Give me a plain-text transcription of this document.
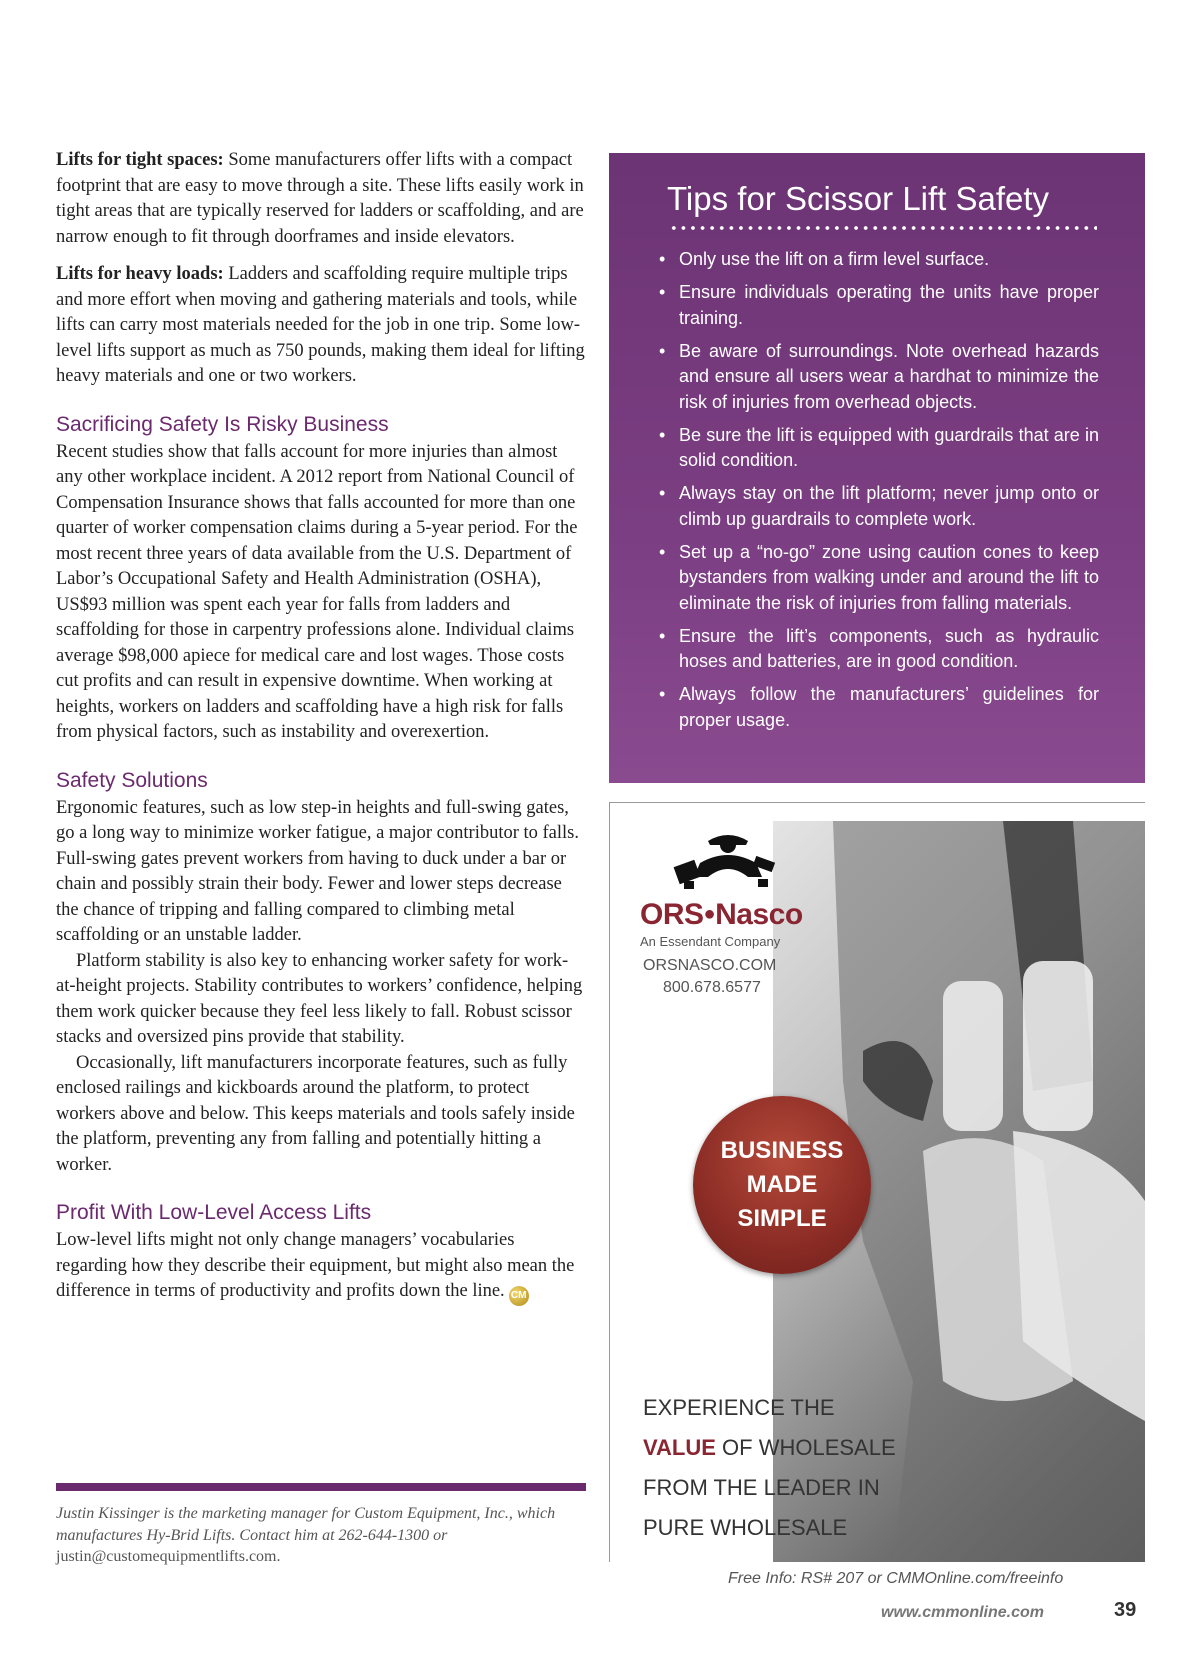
Lifts for tight spaces: Some manufacturers offer lifts with a compact footprint that are easy to move through a site. These lifts easily work in tight areas that are typically reserved for ladders or scaffolding, and are narrow enough to fit through doorframes and inside elevators.

Lifts for heavy loads: Ladders and scaffolding require multiple trips and more effort when moving and gathering materials and tools, while lifts can carry most materials needed for the job in one trip. Some low-level lifts support as much as 750 pounds, making them ideal for lifting heavy materials and one or two workers.

Sacrificing Safety Is Risky Business

Recent studies show that falls account for more injuries than almost any other workplace incident. A 2012 report from National Council of Compensation Insurance shows that falls accounted for more than one quarter of worker compensation claims during a 5-year period. For the most recent three years of data available from the U.S. Department of Labor’s Occupational Safety and Health Administration (OSHA), US$93 million was spent each year for falls from ladders and scaffolding for those in carpentry professions alone. Individual claims average $98,000 apiece for medical care and lost wages. Those costs cut profits and can result in expensive downtime. When working at heights, workers on ladders and scaffolding have a high risk for falls from physical factors, such as instability and overexertion.

Safety Solutions

Ergonomic features, such as low step-in heights and full-swing gates, go a long way to minimize worker fatigue, a major contributor to falls. Full-swing gates prevent workers from having to duck under a bar or chain and possibly strain their body. Fewer and lower steps decrease the chance of tripping and falling compared to climbing metal scaffolding or an unstable ladder.

Platform stability is also key to enhancing worker safety for work-at-height projects. Stability contributes to workers’ confidence, helping them work quicker because they feel less likely to fall. Robust scissor stacks and oversized pins provide that stability.

Occasionally, lift manufacturers incorporate features, such as fully enclosed railings and kickboards around the platform, to protect workers above and below. This keeps materials and tools safely inside the platform, preventing any from falling and potentially hitting a worker.

Profit With Low-Level Access Lifts

Low-level lifts might not only change managers’ vocabularies regarding how they describe their equipment, but might also mean the difference in terms of productivity and profits down the line. CM

Justin Kissinger is the marketing manager for Custom Equipment, Inc., which manufactures Hy-Brid Lifts. Contact him at 262-644-1300 or justin@customequipmentlifts.com.
Tips for Scissor Lift Safety
• Only use the lift on a firm level surface.
• Ensure individuals operating the units have proper training.
• Be aware of surroundings. Note overhead hazards and ensure all users wear a hardhat to minimize the risk of injuries from overhead objects.
• Be sure the lift is equipped with guardrails that are in solid condition.
• Always stay on the lift platform; never jump onto or climb up guardrails to complete work.
• Set up a “no-go” zone using caution cones to keep bystanders from walking under and around the lift to eliminate the risk of injuries from falling materials.
• Ensure the lift’s components, such as hydraulic hoses and batteries, are in good condition.
• Always follow the manufacturers’ guidelines for proper usage.
ORS●Nasco
An Essendant Company
ORSNASCO.COM
800.678.6577
BUSINESS
MADE
SIMPLE
EXPERIENCE THE
VALUE OF WHOLESALE
FROM THE LEADER IN
PURE WHOLESALE
Free Info: RS# 207 or CMMOnline.com/freeinfo
www.cmmonline.com	39
